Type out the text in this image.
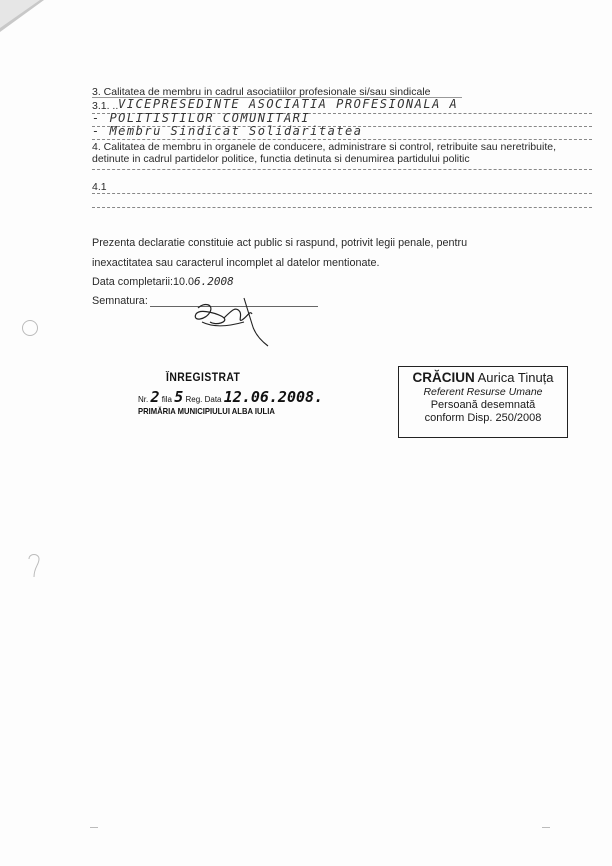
3. Calitatea de membru in cadrul asociatiilor profesionale si/sau sindicale
3.1. .. VICEPRESEDINTE ASOCIATIA PROFESIONALA A
- POLITISTILOR COMUNITARI
- Membru Sindicat Solidaritatea
4. Calitatea de membru in organele de conducere, administrare si control, retribuite sau neretribuite,
detinute in cadrul partidelor politice, functia detinuta si denumirea partidului politic
4.1
Prezenta declaratie constituie act public si raspund, potrivit legii penale, pentru
inexactitatea sau caracterul incomplet al datelor mentionate.
Data completarii:10.06.2008
Semnatura:
ÎNREGISTRAT
Nr. 2 fila 5 Reg. Data 12.06.2008.
PRIMĂRIA MUNICIPIULUI ALBA IULIA
CRĂCIUN Aurica Tinuța
Referent Resurse Umane
Persoană desemnată
conform Disp. 250/2008
